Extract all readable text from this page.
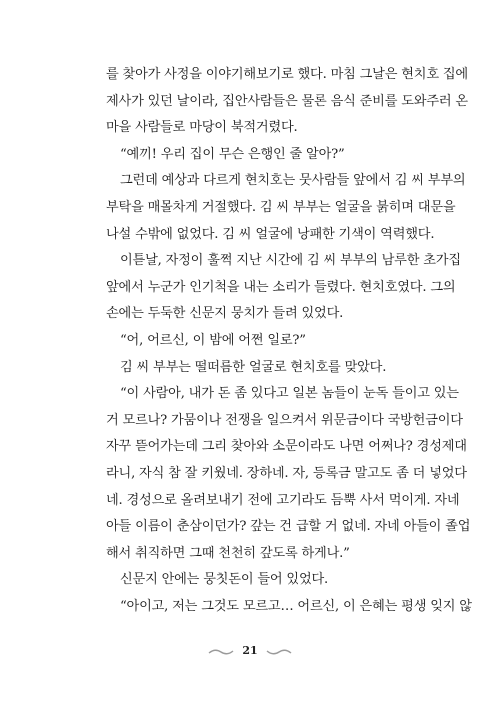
를 찾아가 사정을 이야기해보기로 했다. 마침 그날은 현치호 집에
제사가 있던 날이라, 집안사람들은 물론 음식 준비를 도와주러 온
마을 사람들로 마당이 북적거렸다.
“예끼! 우리 집이 무슨 은행인 줄 알아?”
그런데 예상과 다르게 현치호는 뭇사람들 앞에서 김 씨 부부의
부탁을 매몰차게 거절했다. 김 씨 부부는 얼굴을 붉히며 대문을
나설 수밖에 없었다. 김 씨 얼굴에 낭패한 기색이 역력했다.
이튿날, 자정이 훌쩍 지난 시간에 김 씨 부부의 남루한 초가집
앞에서 누군가 인기척을 내는 소리가 들렸다. 현치호였다. 그의
손에는 두둑한 신문지 뭉치가 들려 있었다.
“어, 어르신, 이 밤에 어쩐 일로?”
김 씨 부부는 떨떠름한 얼굴로 현치호를 맞았다.
“이 사람아, 내가 돈 좀 있다고 일본 놈들이 눈독 들이고 있는
거 모르나? 가뭄이나 전쟁을 일으켜서 위문금이다 국방헌금이다
자꾸 뜯어가는데 그리 찾아와 소문이라도 나면 어쩌나? 경성제대
라니, 자식 참 잘 키웠네. 장하네. 자, 등록금 말고도 좀 더 넣었다
네. 경성으로 올려보내기 전에 고기라도 듬뿍 사서 먹이게. 자네
아들 이름이 춘삼이던가? 갚는 건 급할 거 없네. 자네 아들이 졸업
해서 취직하면 그때 천천히 갚도록 하게나.”
신문지 안에는 뭉칫돈이 들어 있었다.
“아이고, 저는 그것도 모르고… 어르신, 이 은혜는 평생 잊지 않
21
